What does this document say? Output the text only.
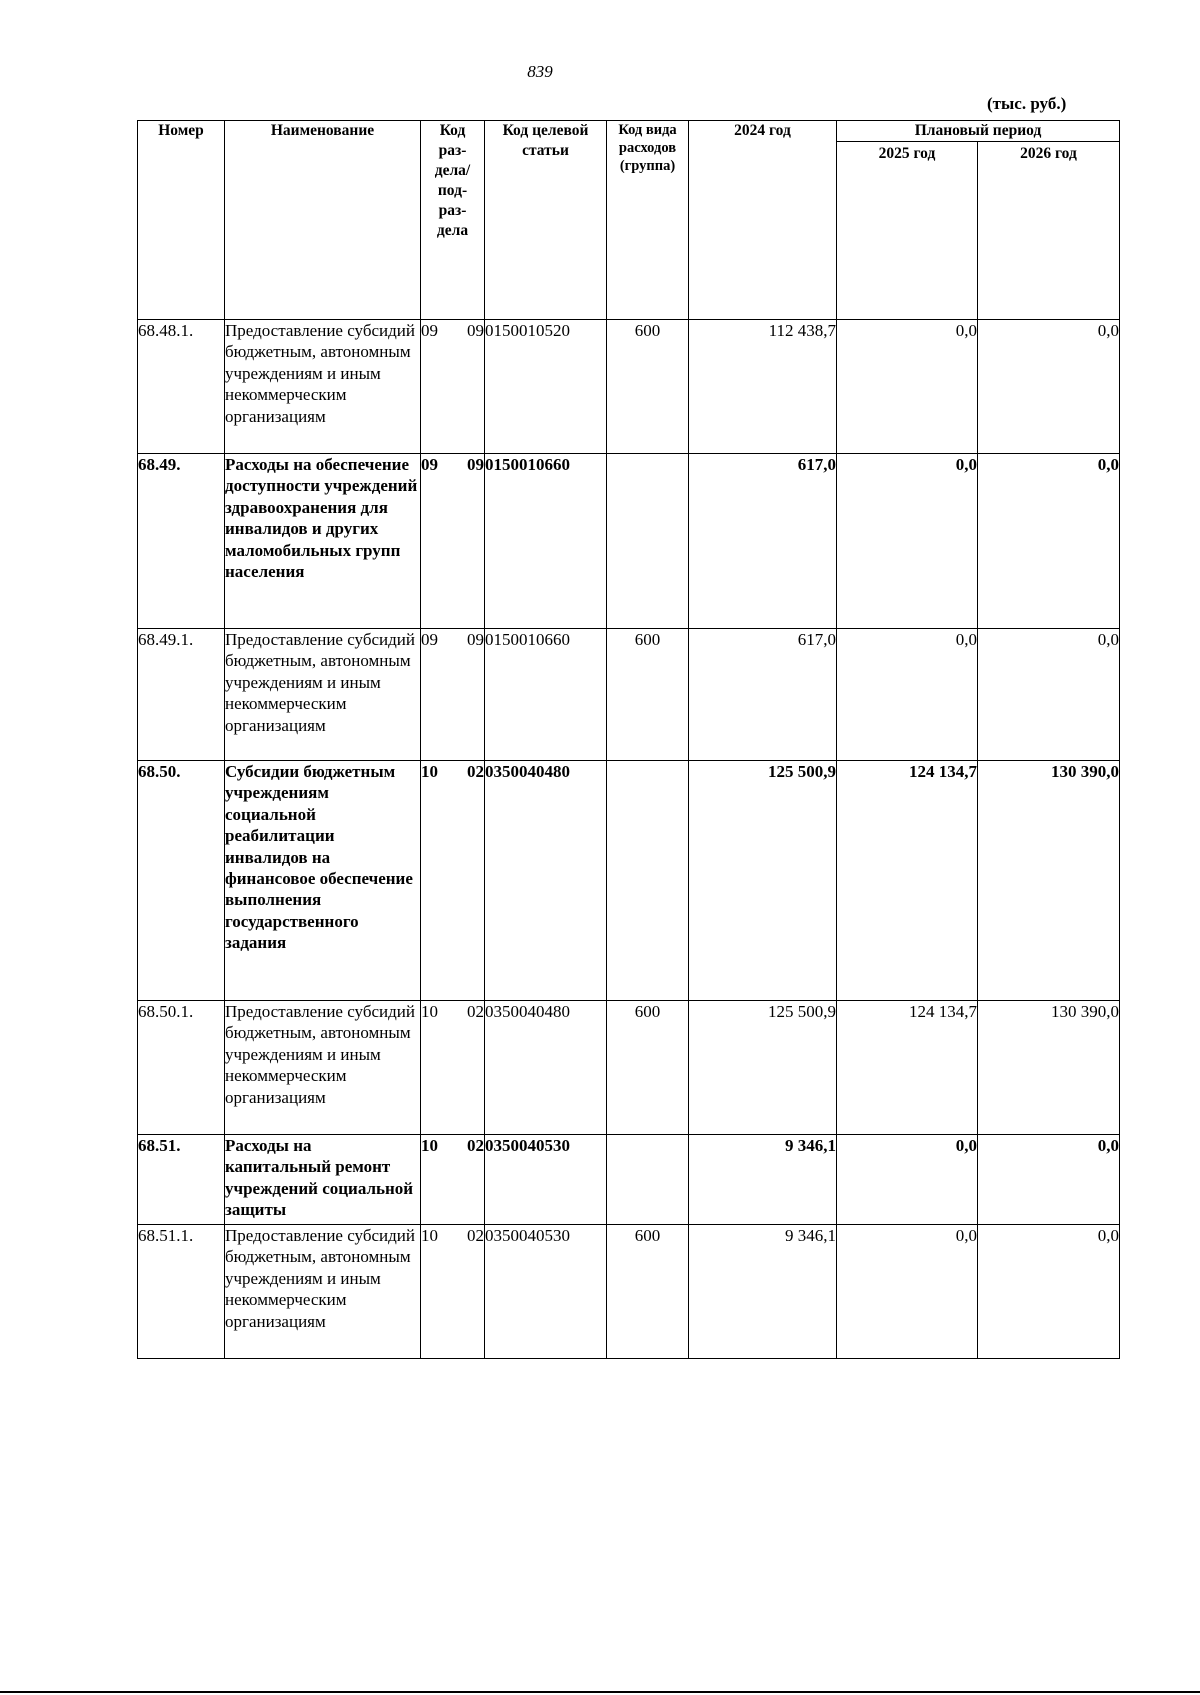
839
(тыс. руб.)
Номер	Наименование	Код раз-дела/ под-раз-дела	Код целевой статьи	Код вида расходов (группа)	2024 год	Плановый период	
						2025 год	2026 год
68.48.1.	Предоставление субсидий бюджетным, автономным учреждениям и иным некоммерческим организациям	09 09	0150010520	600	112 438,7	0,0	0,0
68.49.	Расходы на обеспечение доступности учреждений здравоохранения для инвалидов и других маломобильных групп населения	09 09	0150010660		617,0	0,0	0,0
68.49.1.	Предоставление субсидий бюджетным, автономным учреждениям и иным некоммерческим организациям	09 09	0150010660	600	617,0	0,0	0,0
68.50.	Субсидии бюджетным учреждениям социальной реабилитации инвалидов на финансовое обеспечение выполнения государственного задания	10 02	0350040480		125 500,9	124 134,7	130 390,0
68.50.1.	Предоставление субсидий бюджетным, автономным учреждениям и иным некоммерческим организациям	10 02	0350040480	600	125 500,9	124 134,7	130 390,0
68.51.	Расходы на капитальный ремонт учреждений социальной защиты	10 02	0350040530		9 346,1	0,0	0,0
68.51.1.	Предоставление субсидий бюджетным, автономным учреждениям и иным некоммерческим организациям	10 02	0350040530	600	9 346,1	0,0	0,0
